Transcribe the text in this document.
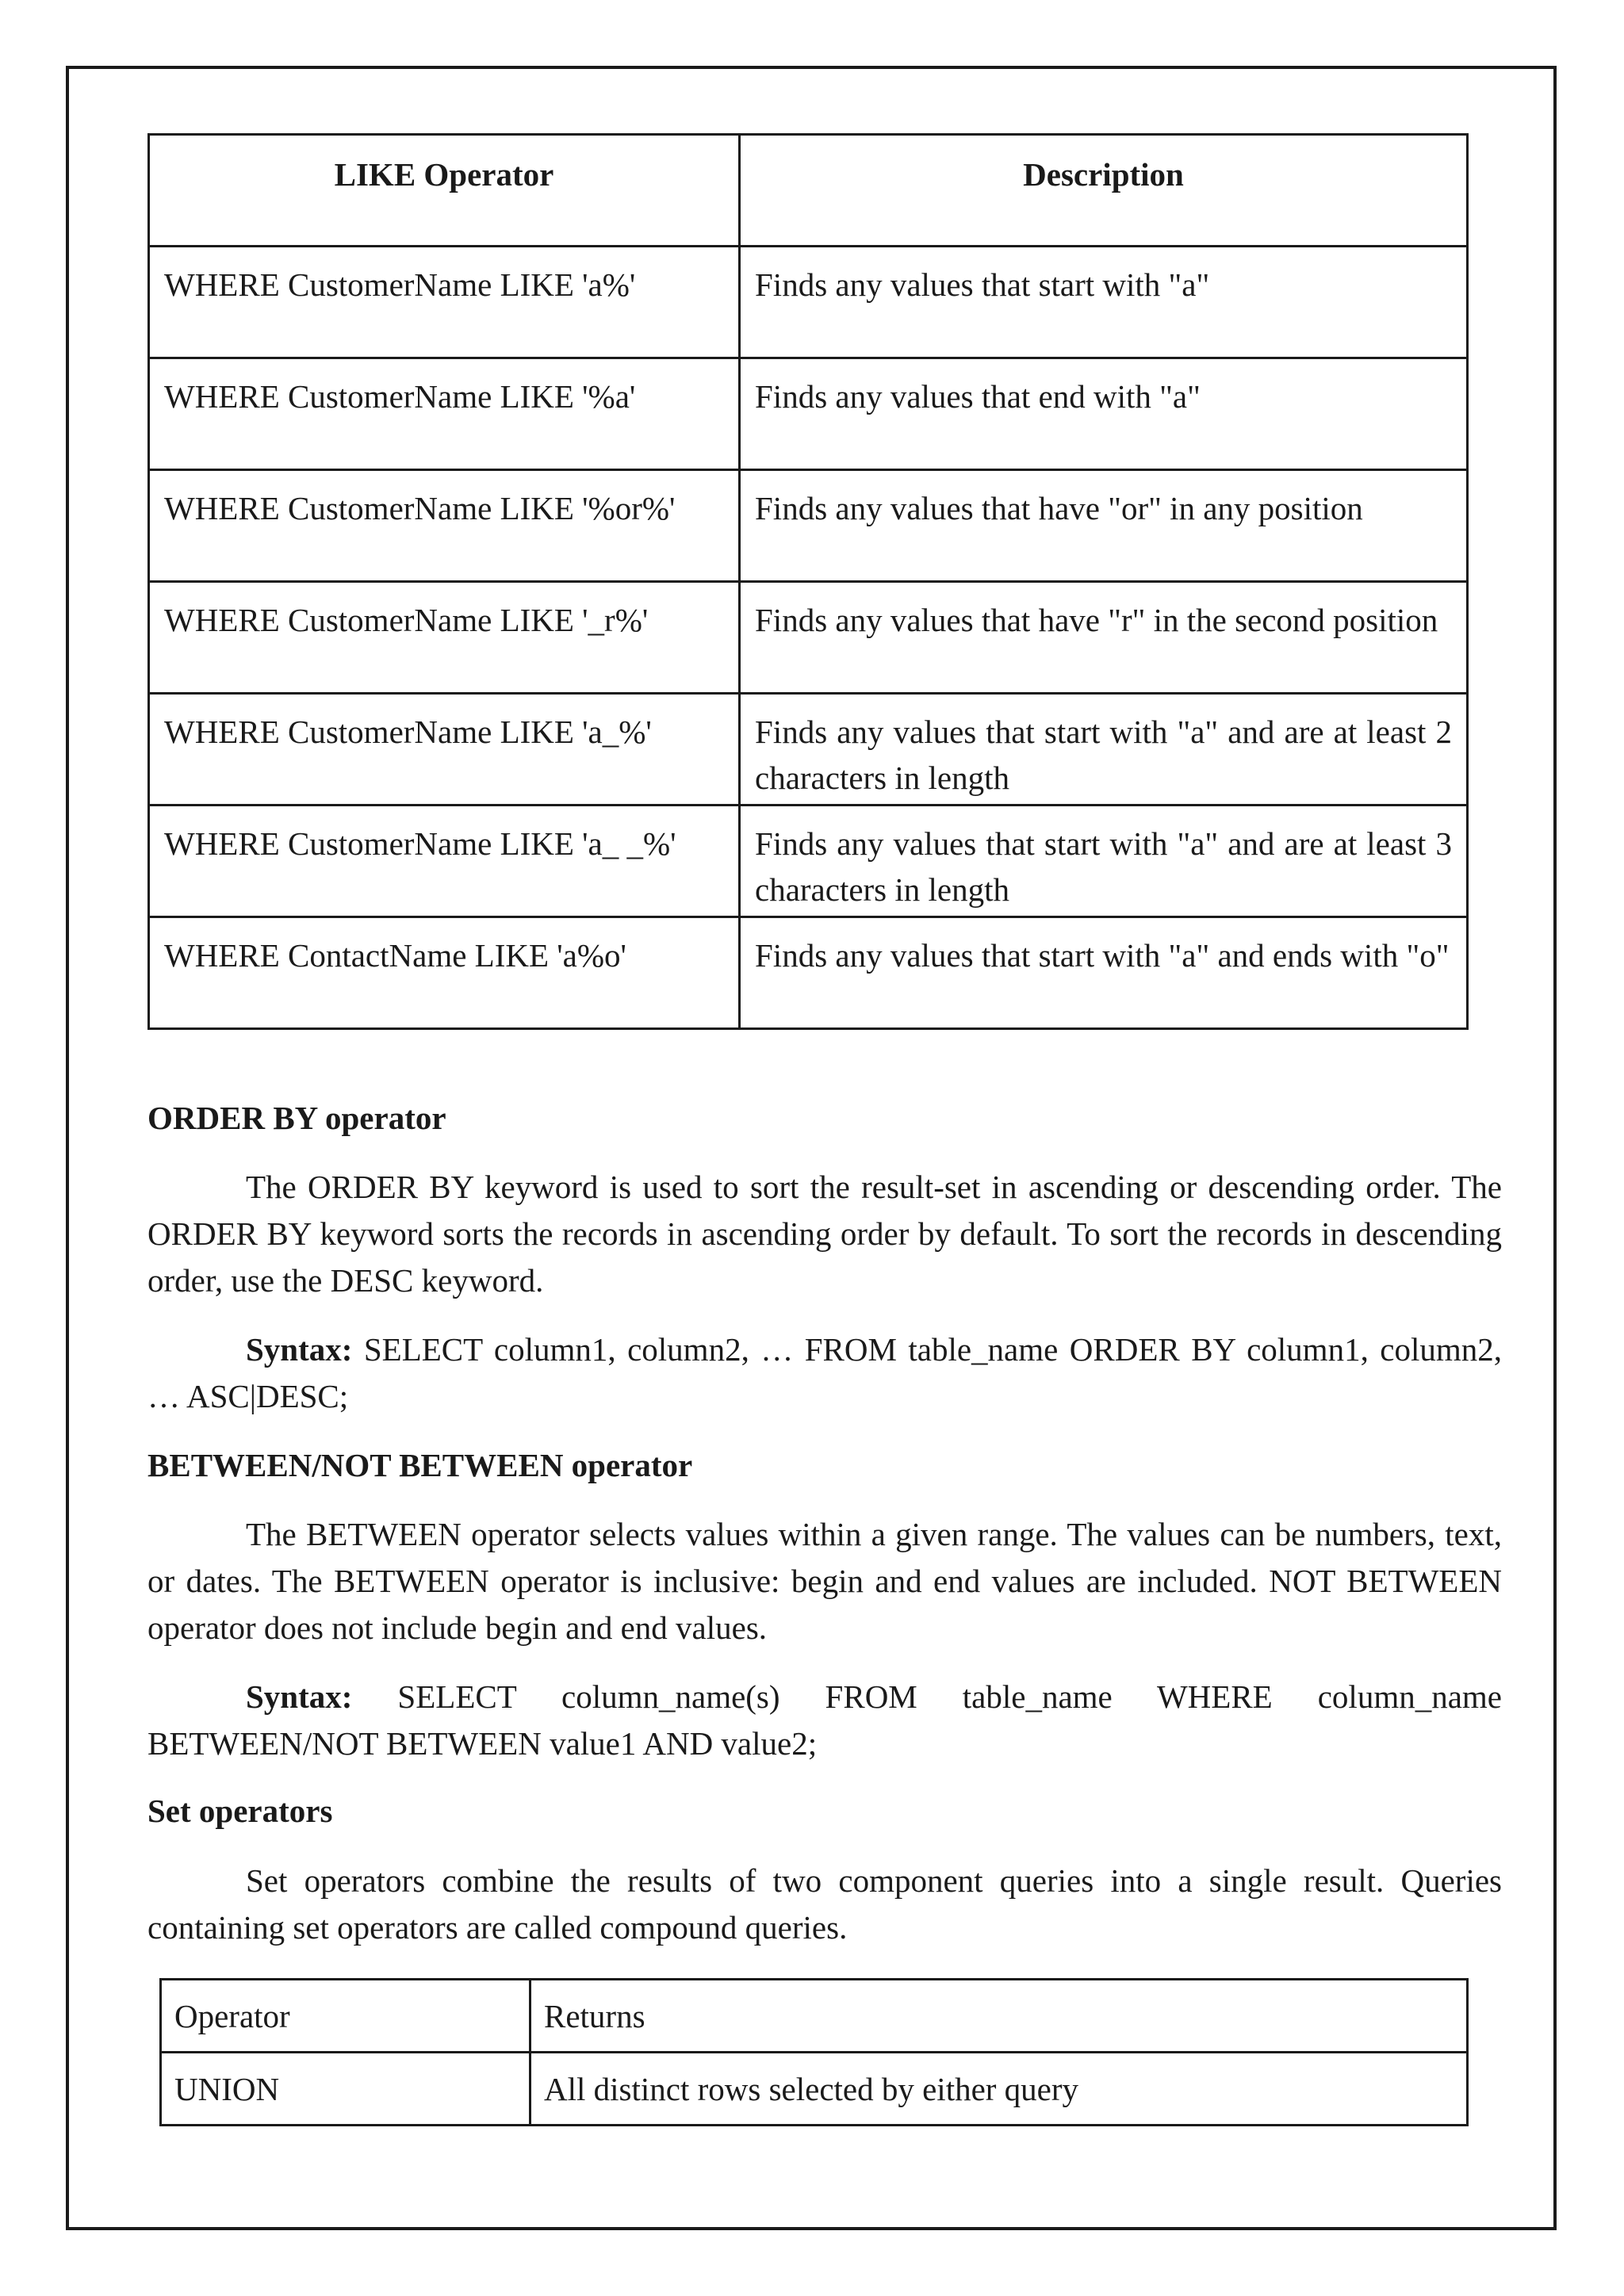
LIKE Operator	Description
WHERE CustomerName LIKE 'a%'	Finds any values that start with "a"
WHERE CustomerName LIKE '%a'	Finds any values that end with "a"
WHERE CustomerName LIKE '%or%'	Finds any values that have "or" in any position
WHERE CustomerName LIKE '_r%'	Finds any values that have "r" in the second position
WHERE CustomerName LIKE 'a_%'	Finds any values that start with "a" and are at least 2 characters in length
WHERE CustomerName LIKE 'a_ _%'	Finds any values that start with "a" and are at least 3 characters in length
WHERE ContactName LIKE 'a%o'	Finds any values that start with "a" and ends with "o"
ORDER BY operator

The ORDER BY keyword is used to sort the result-set in ascending or descending order. The ORDER BY keyword sorts the records in ascending order by default. To sort the records in descending order, use the DESC keyword.

Syntax: SELECT column1, column2, … FROM table_name ORDER BY column1, column2, … ASC|DESC;

BETWEEN/NOT BETWEEN operator

The BETWEEN operator selects values within a given range. The values can be numbers, text, or dates. The BETWEEN operator is inclusive: begin and end values are included. NOT BETWEEN operator does not include begin and end values.

Syntax: SELECT column_name(s) FROM table_name WHERE column_name BETWEEN/NOT BETWEEN value1 AND value2;

Set operators

Set operators combine the results of two component queries into a single result. Queries containing set operators are called compound queries.

Operator	Returns
UNION	All distinct rows selected by either query
